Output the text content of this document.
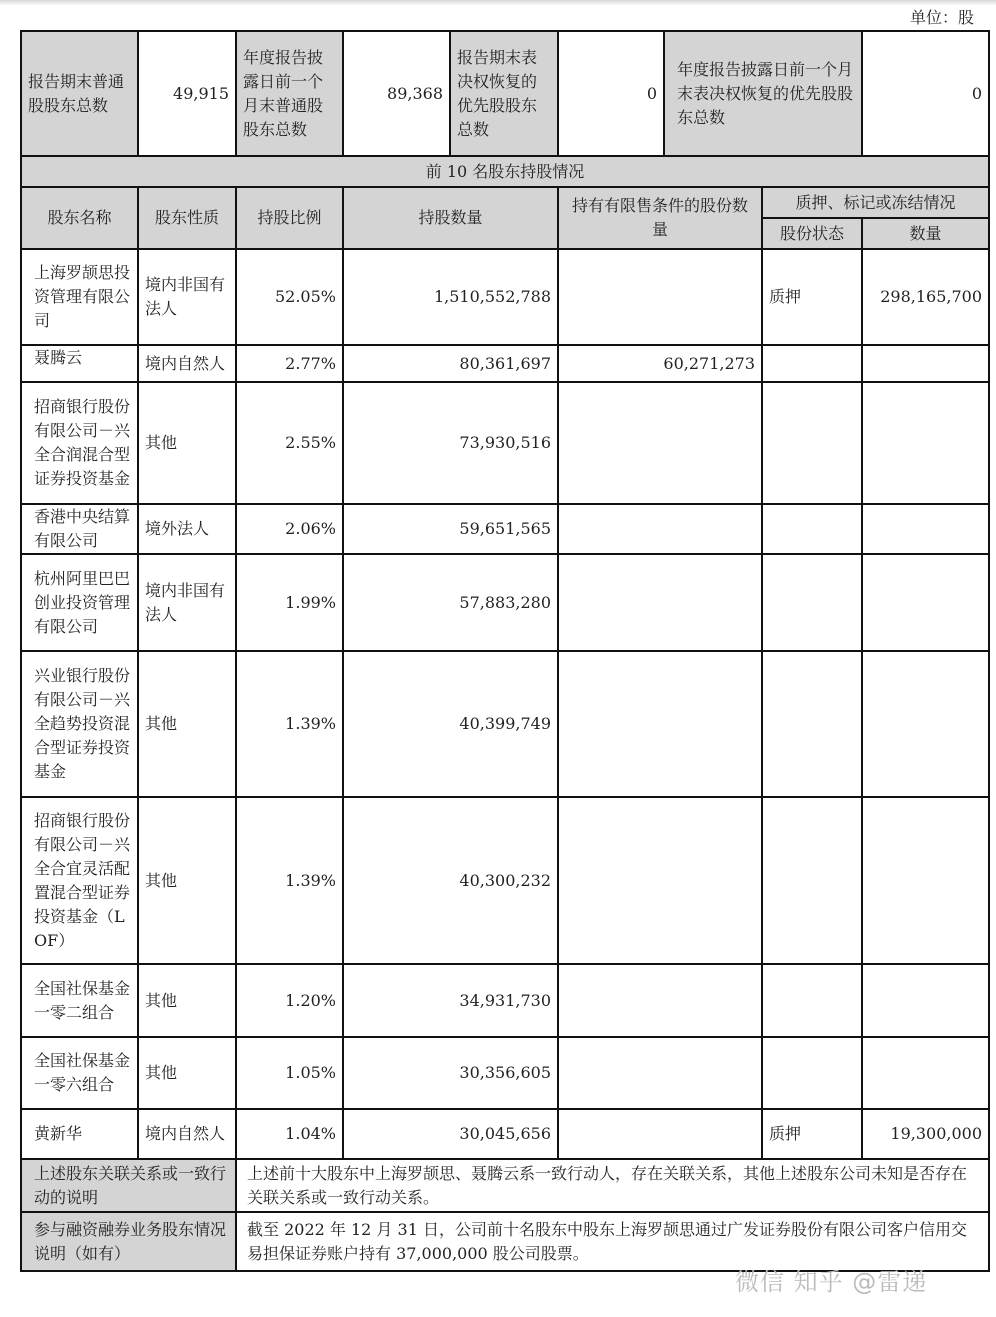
单位：股
报告期末普通股股东总数	49,915	年度报告披露日前一个月末普通股股东总数	89,368	报告期末表决权恢复的优先股股东总数	0	年度报告披露日前一个月末表决权恢复的优先股股东总数		0
前 10 名股东持股情况								
股东名称	股东性质	持股比例	持股数量		持有有限售条件的股份数量		质押、标记或冻结情况	
							股份状态	数量
上海罗颉思投资管理有限公司	境内非国有法人	52.05%	1,510,552,788				质押	298,165,700
聂腾云	境内自然人	2.77%	80,361,697		60,271,273			
招商银行股份有限公司－兴全合润混合型证券投资基金	其他	2.55%	73,930,516					
香港中央结算有限公司	境外法人	2.06%	59,651,565					
杭州阿里巴巴创业投资管理有限公司	境内非国有法人	1.99%	57,883,280					
兴业银行股份有限公司－兴全趋势投资混合型证券投资基金	其他	1.39%	40,399,749					
招商银行股份有限公司－兴全合宜灵活配置混合型证券投资基金（LOF）	其他	1.39%	40,300,232					
全国社保基金一零二组合	其他	1.20%	34,931,730					
全国社保基金一零六组合	其他	1.05%	30,356,605					
黄新华	境内自然人	1.04%	30,045,656				质押	19,300,000
上述股东关联关系或一致行动的说明		上述前十大股东中上海罗颉思、聂腾云系一致行动人，存在关联关系，其他上述股东公司未知是否存在关联关系或一致行动关系。						
参与融资融券业务股东情况说明（如有）		截至 2022 年 12 月 31 日，公司前十名股东中股东上海罗颉思通过广发证券股份有限公司客户信用交易担保证券账户持有 37,000,000 股公司股票。						
微信 知乎 @雷递
